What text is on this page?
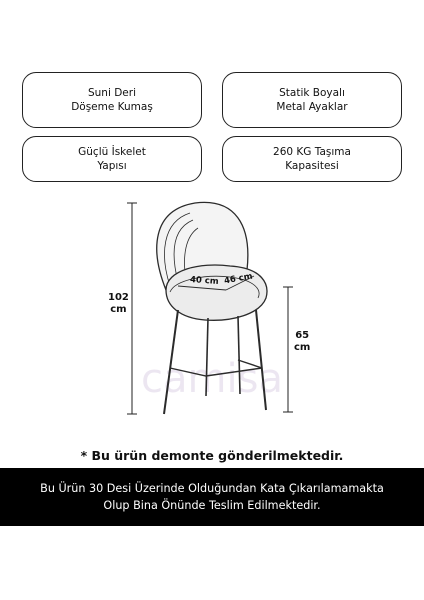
Suni Deri
Döşeme Kumaş
Statik Boyalı
Metal Ayaklar
Güçlü İskelet
Yapısı
260 KG Taşıma
Kapasitesi
camisa
102
cm
65
cm
40 cm 46 cm
* Bu ürün demonte gönderilmektedir.
Bu Ürün 30 Desi Üzerinde Olduğundan Kata Çıkarılamamakta
Olup Bina Önünde Teslim Edilmektedir.
